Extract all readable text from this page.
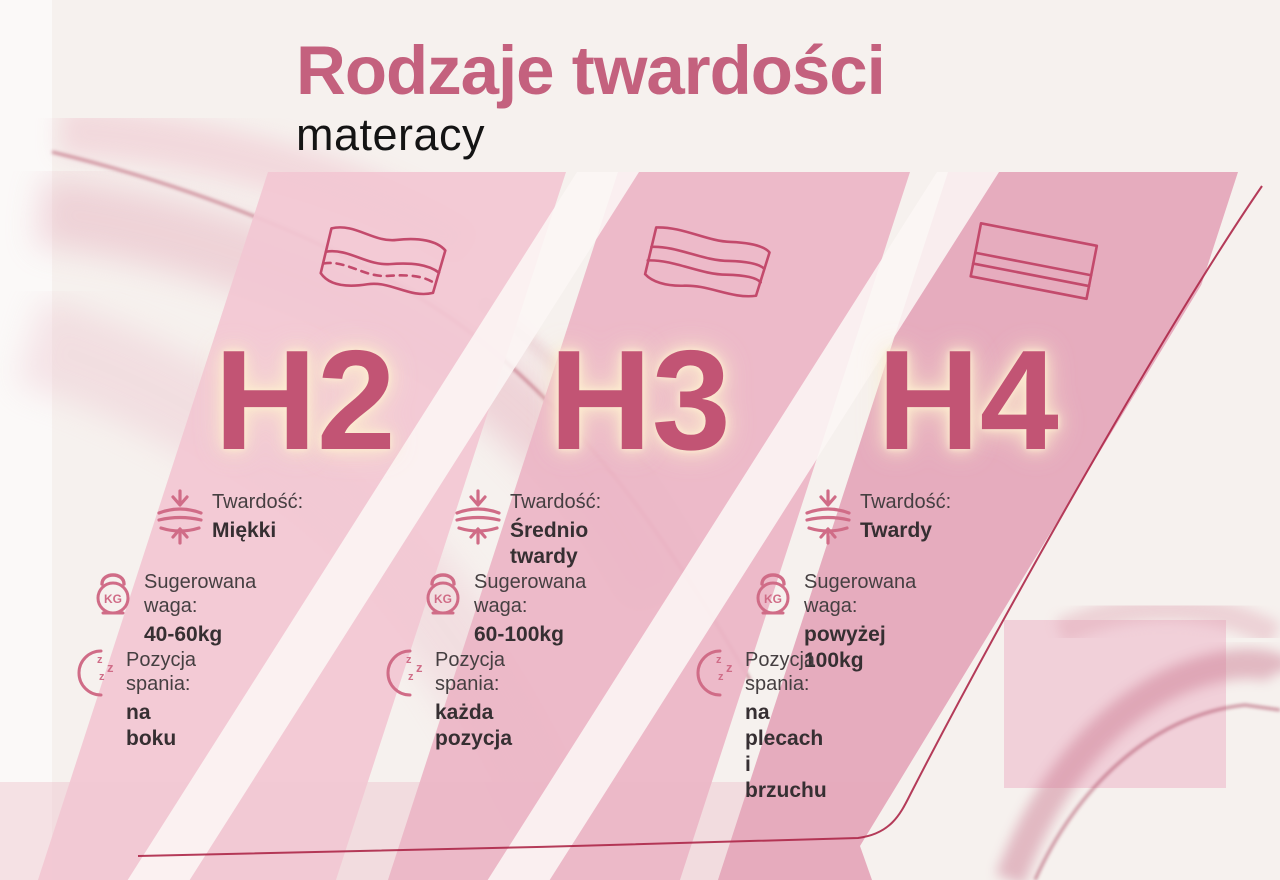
Rodzaje twardości
materacy
H2
Twardość:
Miękki
KG
Sugerowana waga:
40-60kg
z z
z
Pozycja spania:
na boku
H3
Twardość:
Średnio twardy
KG
Sugerowana waga:
60-100kg
z z
z
Pozycja spania:
każda pozycja
H4
Twardość:
Twardy
KG
Sugerowana waga:
powyżej 100kg
z z
z
Pozycja spania:
na plecach i brzuchu
